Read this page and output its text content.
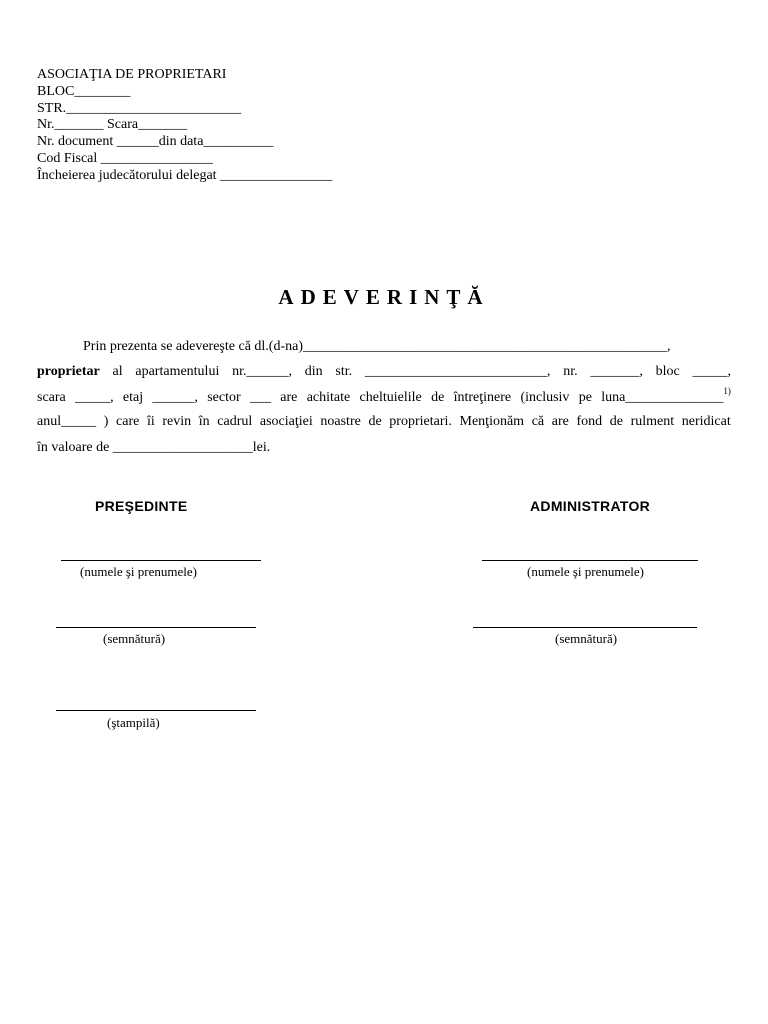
ASOCIAŢIA DE PROPRIETARI
BLOC________
STR._________________________
Nr._______ Scara_______
Nr. document ______din data__________
Cod Fiscal ________________
Încheierea judecătorului delegat ________________
ADEVERINŢĂ
Prin prezenta se adevereşte că dl.(d-na)____________________________________________________,
proprietar al apartamentului nr.______, din str. __________________________, nr. _______, bloc _____,
scara _____, etaj ______, sector ___ are achitate cheltuielile de întreţinere (inclusiv pe luna______________$^{1)}$
anul_____ ) care îi revin în cadrul asociaţiei noastre de proprietari. Menţionăm că are fond de rulment neridicat
în valoare de ____________________lei.
PREŞEDINTE	ADMINISTRATOR
(numele şi prenumele)	(numele şi prenumele)
(semnătură)	(semnătură)
(ştampilă)
